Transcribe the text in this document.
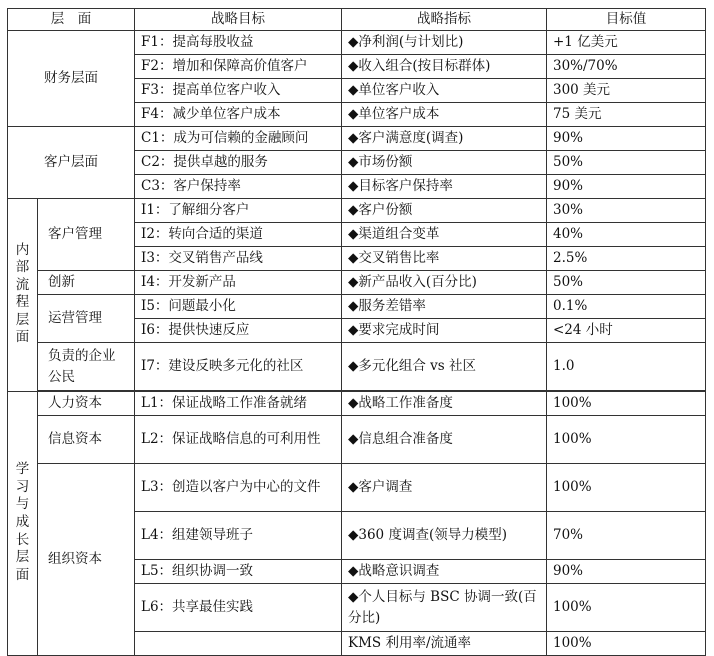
层　面		战略目标	战略指标	目标值
财务层面		F1：提高每股收益	◆净利润(与计划比)	+1 亿美元
		F2：增加和保障高价值客户	◆收入组合(按目标群体)	30%/70%
		F3：提高单位客户收入	◆单位客户收入	300 美元
		F4：减少单位客户成本	◆单位客户成本	75 美元
客户层面		C1：成为可信赖的金融顾问	◆客户满意度(调查)	90%
		C2：提供卓越的服务	◆市场份额	50%
		C3：客户保持率	◆目标客户保持率	90%
内部流程层面	客户管理	I1：了解细分客户	◆客户份额	30%
		I2：转向合适的渠道	◆渠道组合变革	40%
		I3：交叉销售产品线	◆交叉销售比率	2.5%
	创新	I4：开发新产品	◆新产品收入(百分比)	50%
	运营管理	I5：问题最小化	◆服务差错率	0.1%
		I6：提供快速反应	◆要求完成时间	<24 小时
	负责的企业公民	I7：建设反映多元化的社区	◆多元化组合 vs 社区	1.0

学习与成长层面	人力资本	L1：保证战略工作准备就绪	◆战略工作准备度	100%
	信息资本	L2：保证战略信息的可利用性	◆信息组合准备度	100%
	组织资本	L3：创造以客户为中心的文件	◆客户调查	100%
		L4：组建领导班子	◆360 度调查(领导力模型)	70%
		L5：组织协调一致	◆战略意识调查	90%
		L6：共享最佳实践	◆个人目标与 BSC 协调一致(百分比)	100%
			KMS 利用率/流通率	100%
